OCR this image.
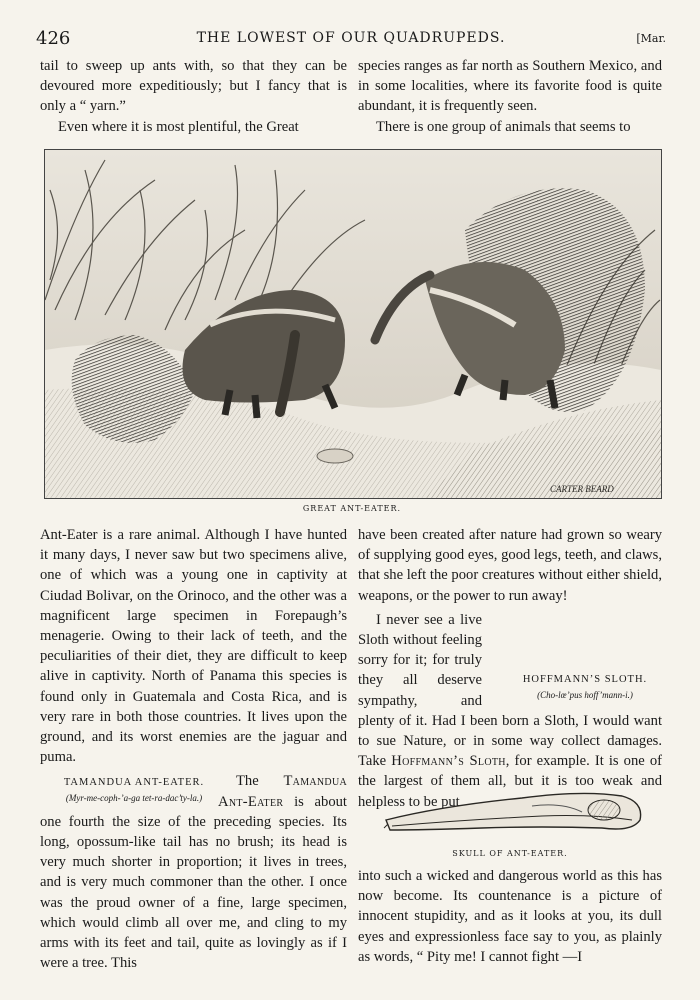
426	THE LOWEST OF OUR QUADRUPEDS.	[Mar.

tail to sweep up ants with, so that they can be devoured more expeditiously; but I fancy that is only a “ yarn.”

Even where it is most plentiful, the Great

species ranges as far north as Southern Mexico, and in some localities, where its favorite food is quite abundant, it is frequently seen.

There is one group of animals that seems to

CARTER BEARD
GREAT ANT-EATER.

Ant-Eater is a rare animal. Although I have hunted it many days, I never saw but two specimens alive, one of which was a young one in captivity at Ciudad Bolivar, on the Orinoco, and the other was a magnificent large specimen in Forepaugh’s menagerie. Owing to their lack of teeth, and the peculiarities of their diet, they are difficult to keep alive in captivity. North of Panama this species is found only in Guatemala and Costa Rica, and is very rare in both those countries. It lives upon the ground, and its worst enemies are the jaguar and puma.

TAMANDUA ANT-EATER.
(Myr-me-coph-’a-ga tet-ra-dac’ty-la.)
The Tamandua Ant-Eater is about one fourth the size of the preceding species. Its long, opossum-like tail has no brush; its head is very much shorter in proportion; it lives in trees, and is very much commoner than the other. I once was the proud owner of a fine, large specimen, which would climb all over me, and cling to my arms with its feet and tail, quite as lovingly as if I were a tree. This

have been created after nature had grown so weary of supplying good eyes, good legs, teeth, and claws, that she left the poor creatures without either shield, weapons, or the power to run away!

HOFFMANN’S SLOTH.
(Cho-lœ’pus hoff’mann-i.)
I never see a live Sloth without feeling sorry for it; for truly they all deserve sympathy, and plenty of it. Had I been born a Sloth, I would want to sue Nature, or in some way collect damages. Take Hoffmann’s Sloth, for example. It is one of the largest of them all, but it is too weak and helpless to be put

SKULL OF ANT-EATER.

into such a wicked and dangerous world as this has now become. Its countenance is a picture of innocent stupidity, and as it looks at you, its dull eyes and expressionless face say to you, as plainly as words, “ Pity me! I cannot fight —I
